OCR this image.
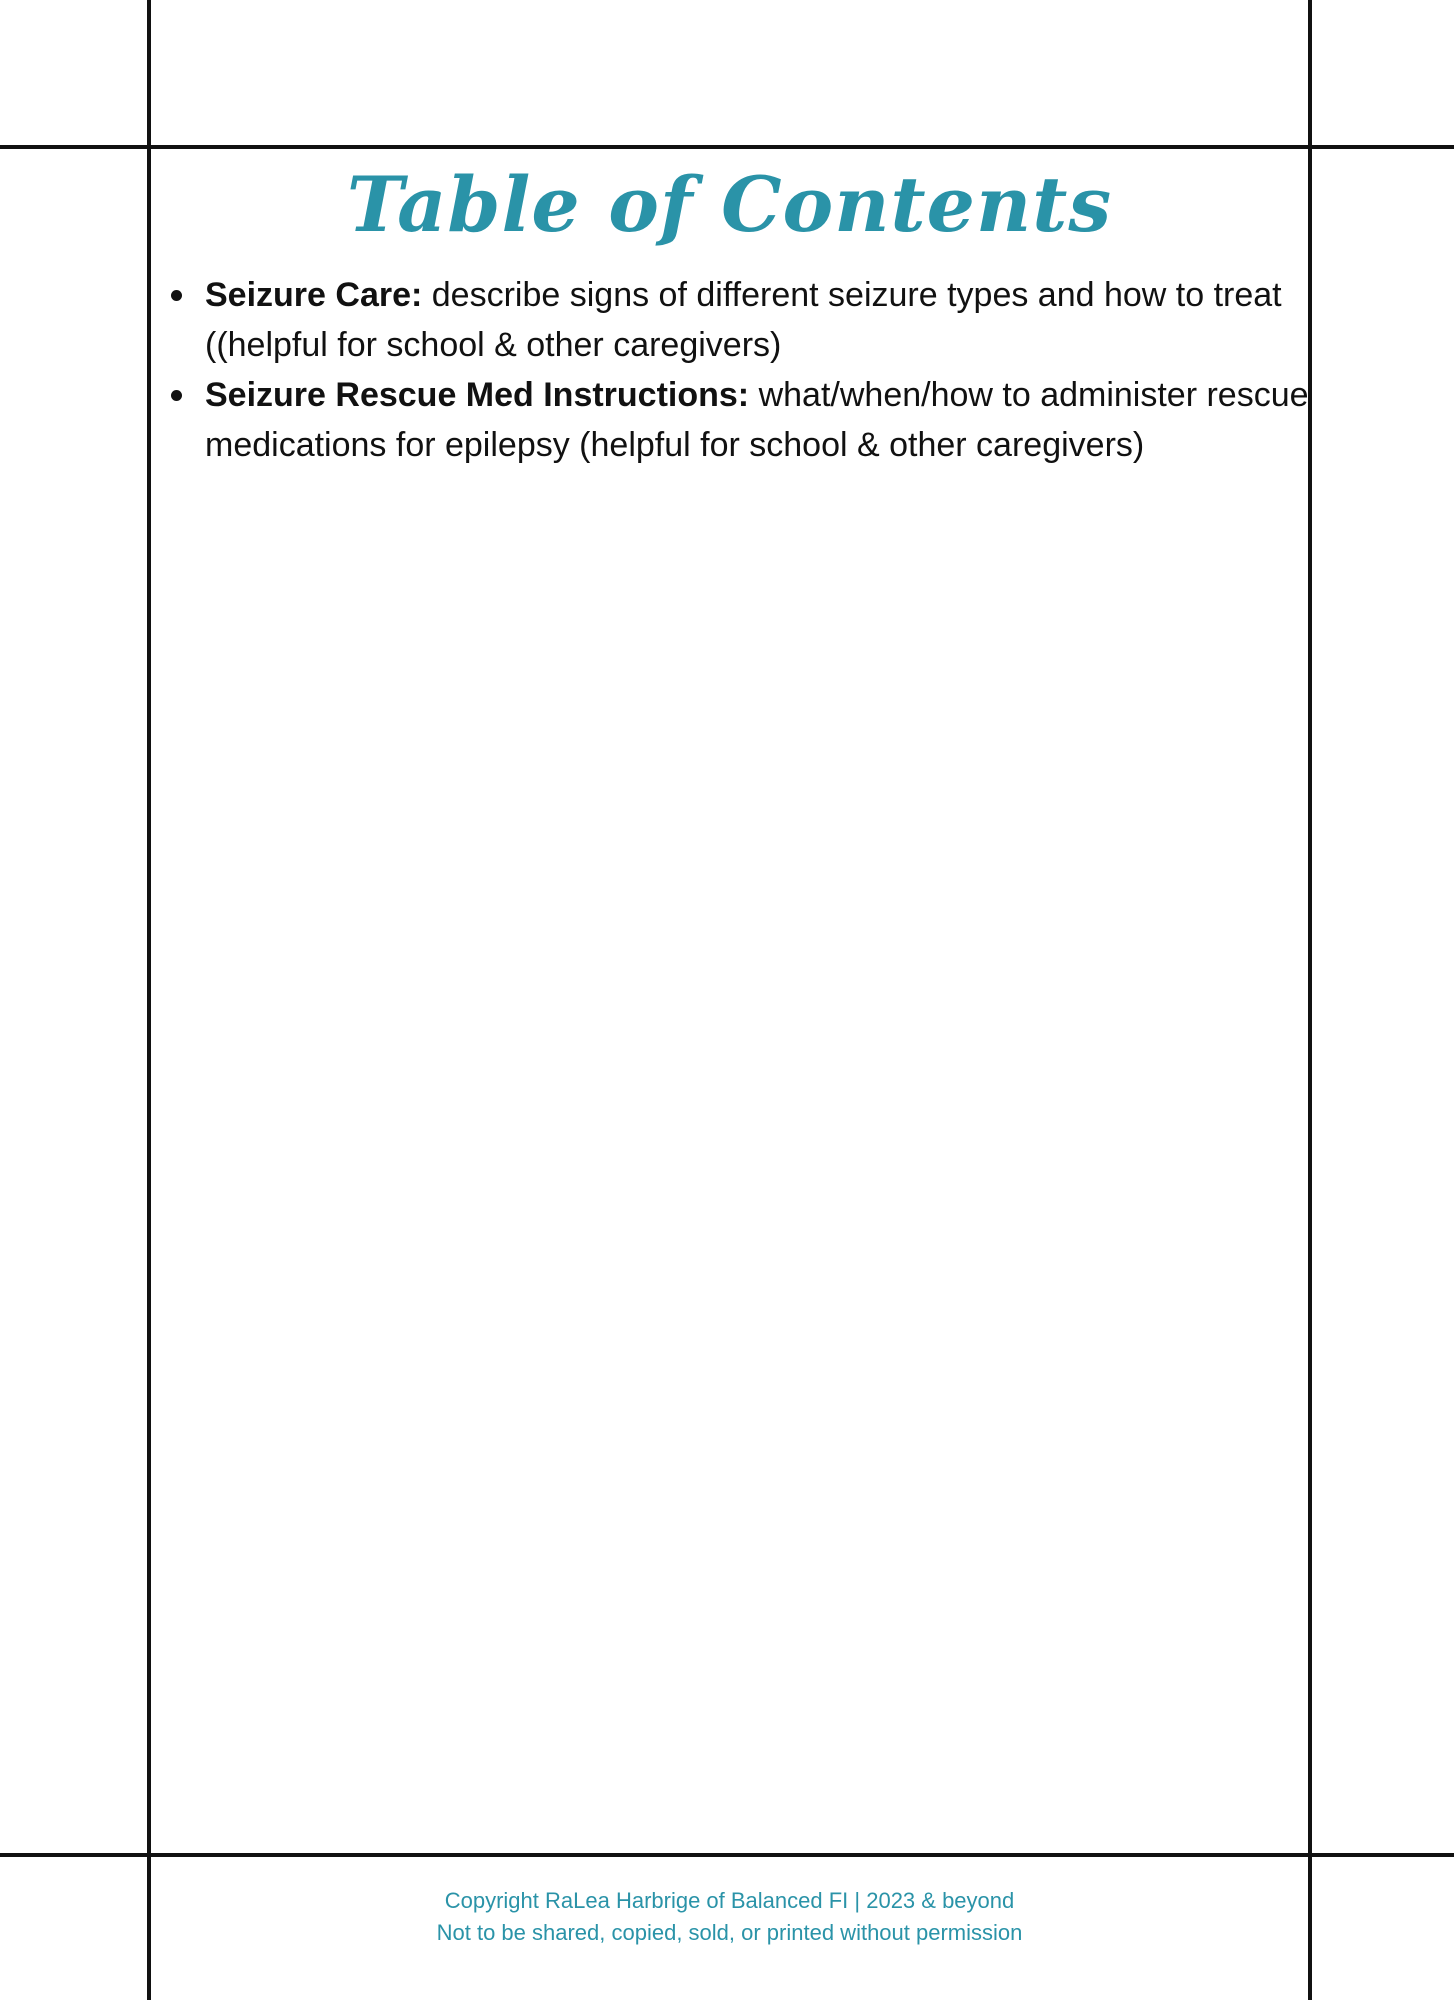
Table of Contents
Seizure Care: describe signs of different seizure types and how to treat ((helpful for school & other caregivers)
Seizure Rescue Med Instructions: what/when/how to administer rescue medications for epilepsy (helpful for school & other caregivers)
Copyright RaLea Harbrige of Balanced FI | 2023 & beyond
Not to be shared, copied, sold, or printed without permission
